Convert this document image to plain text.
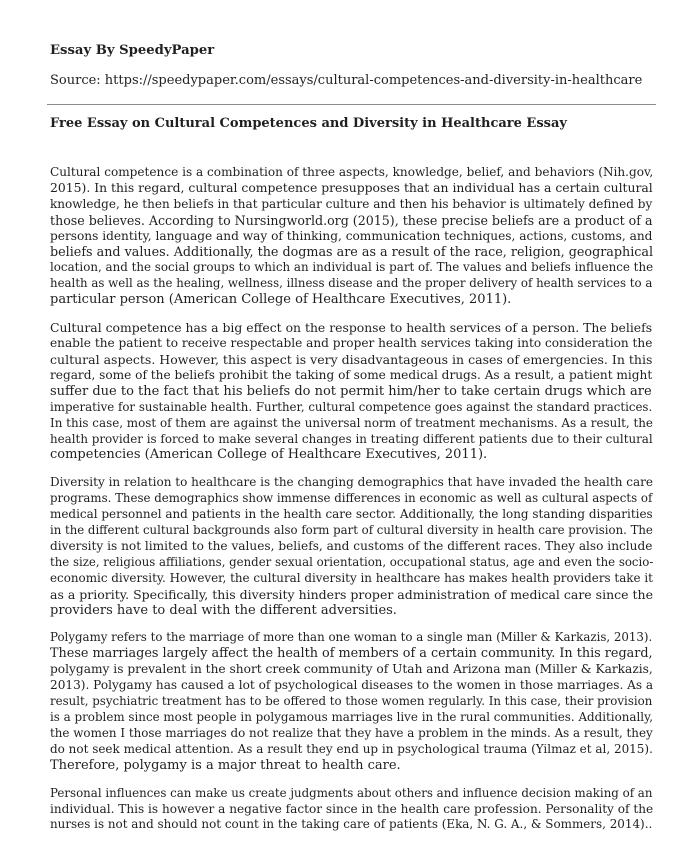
Essay By SpeedyPaper
Source: https://speedypaper.com/essays/cultural-competences-and-diversity-in-healthcare
Free Essay on Cultural Competences and Diversity in Healthcare Essay
Cultural competence is a combination of three aspects, knowledge, belief, and behaviors (Nih.gov,
2015). In this regard, cultural competence presupposes that an individual has a certain cultural
knowledge, he then beliefs in that particular culture and then his behavior is ultimately defined by
those believes. According to Nursingworld.org (2015), these precise beliefs are a product of a
persons identity, language and way of thinking, communication techniques, actions, customs, and
beliefs and values. Additionally, the dogmas are as a result of the race, religion, geographical
location, and the social groups to which an individual is part of. The values and beliefs influence the
health as well as the healing, wellness, illness disease and the proper delivery of health services to a
particular person (American College of Healthcare Executives, 2011).
Cultural competence has a big effect on the response to health services of a person. The beliefs
enable the patient to receive respectable and proper health services taking into consideration the
cultural aspects. However, this aspect is very disadvantageous in cases of emergencies. In this
regard, some of the beliefs prohibit the taking of some medical drugs. As a result, a patient might
suffer due to the fact that his beliefs do not permit him/her to take certain drugs which are
imperative for sustainable health. Further, cultural competence goes against the standard practices.
In this case, most of them are against the universal norm of treatment mechanisms. As a result, the
health provider is forced to make several changes in treating different patients due to their cultural
competencies (American College of Healthcare Executives, 2011).
Diversity in relation to healthcare is the changing demographics that have invaded the health care
programs. These demographics show immense differences in economic as well as cultural aspects of
medical personnel and patients in the health care sector. Additionally, the long standing disparities
in the different cultural backgrounds also form part of cultural diversity in health care provision. The
diversity is not limited to the values, beliefs, and customs of the different races. They also include
the size, religious affiliations, gender sexual orientation, occupational status, age and even the socio-
economic diversity. However, the cultural diversity in healthcare has makes health providers take it
as a priority. Specifically, this diversity hinders proper administration of medical care since the
providers have to deal with the different adversities.
Polygamy refers to the marriage of more than one woman to a single man (Miller & Karkazis, 2013).
These marriages largely affect the health of members of a certain community. In this regard,
polygamy is prevalent in the short creek community of Utah and Arizona man (Miller & Karkazis,
2013). Polygamy has caused a lot of psychological diseases to the women in those marriages. As a
result, psychiatric treatment has to be offered to those women regularly. In this case, their provision
is a problem since most people in polygamous marriages live in the rural communities. Additionally,
the women I those marriages do not realize that they have a problem in the minds. As a result, they
do not seek medical attention. As a result they end up in psychological trauma (Yilmaz et al, 2015).
Therefore, polygamy is a major threat to health care.
Personal influences can make us create judgments about others and influence decision making of an
individual. This is however a negative factor since in the health care profession. Personality of the
nurses is not and should not count in the taking care of patients (Eka, N. G. A., & Sommers, 2014)..
